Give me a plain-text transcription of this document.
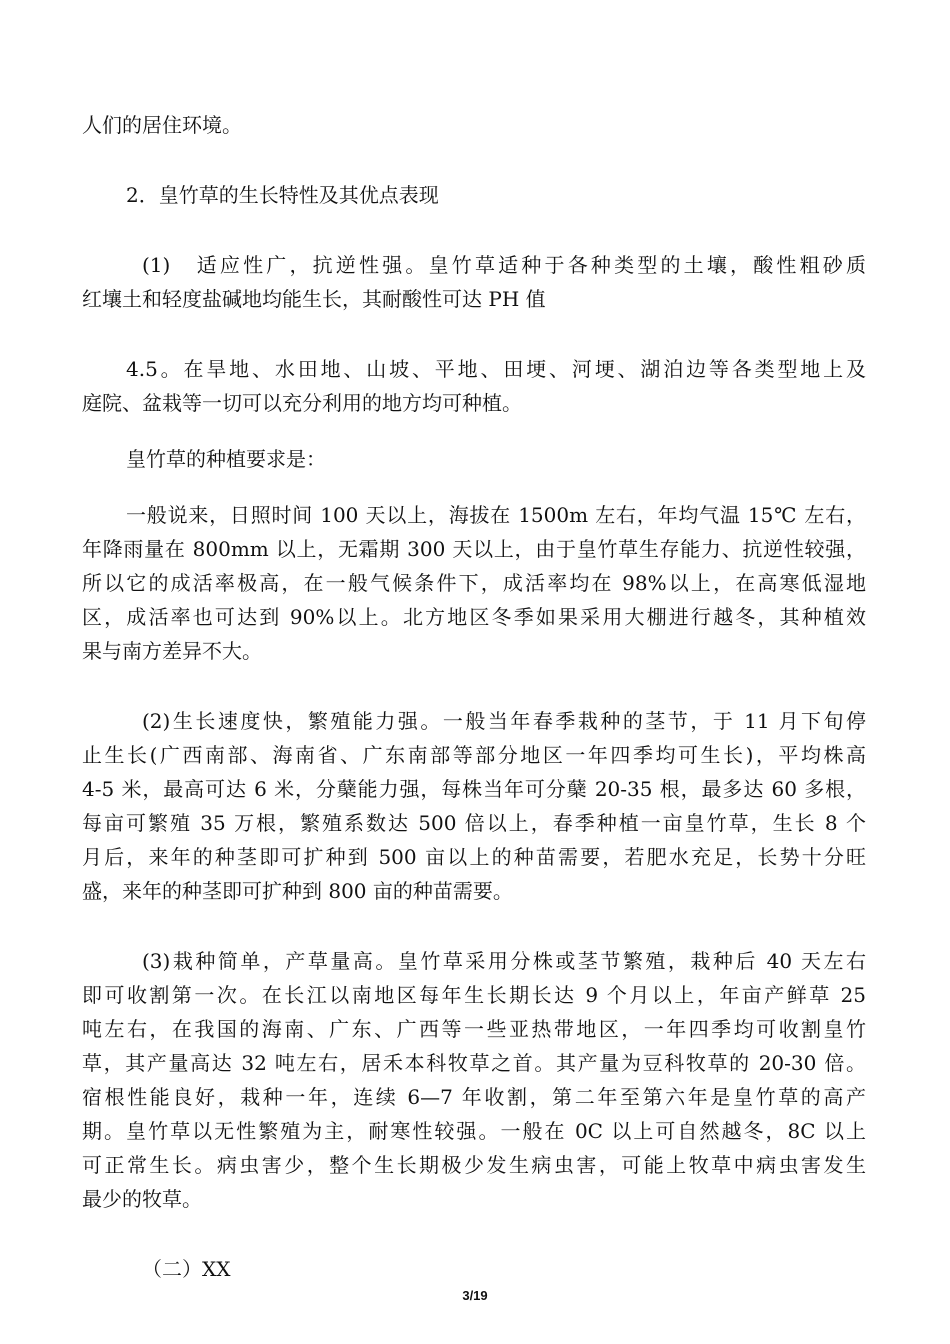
人们的居住环境。

2．皇竹草的生长特性及其优点表现

(1)　适应性广，抗逆性强。皇竹草适种于各种类型的土壤，酸性粗砂质
红壤土和轻度盐碱地均能生长，其耐酸性可达 PH 值

4.5。在旱地、水田地、山坡、平地、田埂、河埂、湖泊边等各类型地上及
庭院、盆栽等一切可以充分利用的地方均可种植。

皇竹草的种植要求是：

一般说来，日照时间 100 天以上，海拔在 1500m 左右，年均气温 15℃ 左右，
年降雨量在 800mm 以上，无霜期 300 天以上，由于皇竹草生存能力、抗逆性较强，
所以它的成活率极高，在一般气候条件下，成活率均在 98%以上，在高寒低湿地
区，成活率也可达到 90%以上。北方地区冬季如果采用大棚进行越冬，其种植效
果与南方差异不大。

(2)生长速度快，繁殖能力强。一般当年春季栽种的茎节，于 11 月下旬停
止生长(广西南部、海南省、广东南部等部分地区一年四季均可生长)，平均株高
4-5 米，最高可达 6 米，分蘖能力强，每株当年可分蘖 20-35 根，最多达 60 多根，
每亩可繁殖 35 万根，繁殖系数达 500 倍以上，春季种植一亩皇竹草，生长 8 个
月后，来年的种茎即可扩种到 500 亩以上的种苗需要，若肥水充足，长势十分旺
盛，来年的种茎即可扩种到 800 亩的种苗需要。

(3)栽种简单，产草量高。皇竹草采用分株或茎节繁殖，栽种后 40 天左右
即可收割第一次。在长江以南地区每年生长期长达 9 个月以上，年亩产鲜草 25
吨左右，在我国的海南、广东、广西等一些亚热带地区，一年四季均可收割皇竹
草，其产量高达 32 吨左右，居禾本科牧草之首。其产量为豆科牧草的 20-30 倍。
宿根性能良好，栽种一年，连续 6—7 年收割，第二年至第六年是皇竹草的高产
期。皇竹草以无性繁殖为主，耐寒性较强。一般在 0C 以上可自然越冬，8C 以上
可正常生长。病虫害少，整个生长期极少发生病虫害，可能上牧草中病虫害发生
最少的牧草。

（二）XX

3/19
